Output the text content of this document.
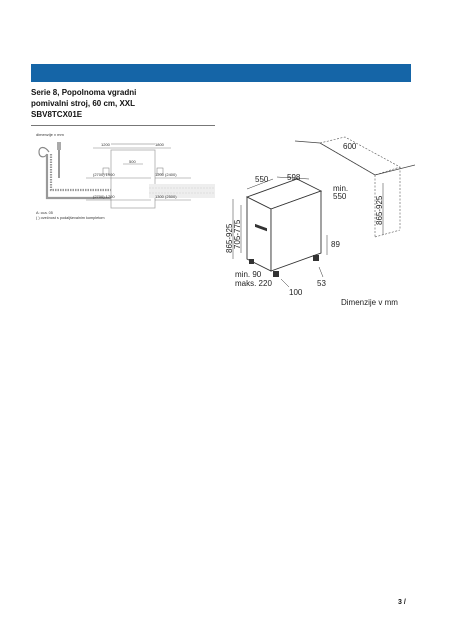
Serie 8, Popolnoma vgradni
pomivalni stroj, 60 cm, XXL
SBV8TCX01E
dimenzije v mm
1200	1800
500
(2700) 1900	1200 (2400)
(2700) 1700	1300 (2500)
A: cca. 05
( ) ovečnost s podaljševalnim kompletom
550 598
600
min.
550
865-925 705-775
865-925
89
min. 90
maks. 220	53
100
Dimenzije v mm
3 /
